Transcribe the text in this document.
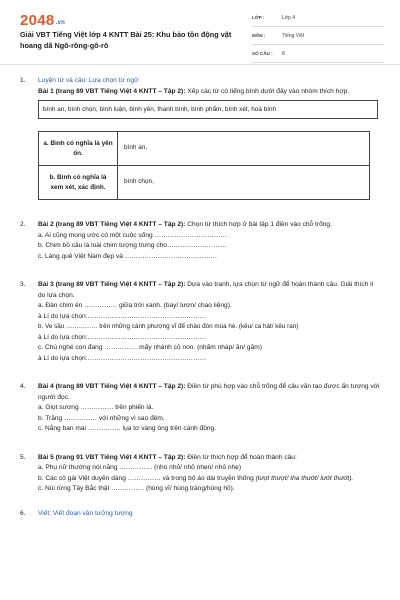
2048.vn
Giải VBT Tiếng Việt lớp 4 KNTT Bài 25: Khu bảo tồn động vật hoang dã Ngô-rông-gô-rô
LỚP :	Lớp 4
MÔN :	Tiếng Việt
SỐ CÂU : 8
1. Luyện từ và câu: Lựa chọn từ ngữ
Bài 1 (trang 89 VBT Tiếng Việt 4 KNTT – Tập 2): Xếp các từ có tiếng bình dưới đây vào nhóm thích hợp.
bình an, bình chọn, bình luận, bình yên, thanh bình, bình phẩm, bình xét, hoà bình
a. Bình có nghĩa là yên ổn.	bình an,
b. Bình có nghĩa là xem xét, xác định.	bình chọn,
2. Bài 2 (trang 89 VBT Tiếng Việt 4 KNTT – Tập 2): Chọn từ thích hợp ở bài tập 1 điền vào chỗ trống.
a. Ai cũng mong ước có một cuộc sống ……………………………
b. Chim bồ câu là loài chim tượng trưng cho………………………
c. Làng quê Việt Nam đẹp và ……………………………………
3. Bài 3 (trang 89 VBT Tiếng Việt 4 KNTT – Tập 2): Dựa vào tranh, lựa chọn từ ngữ để hoàn thành câu. Giải thích lí do lựa chọn.
a. Đàn chim én …………… giữa trời xanh. (bay/ lượn/ chao liệng).
à Lí do lựa chọn:………………………………………………
b. Ve sầu …………… trên những cành phượng vĩ để chào đón mùa hè. (kêu/ ca hát/ kêu ran)
à Lí do lựa chọn:………………………………………………
c. Chú nghé con đang …………… mấy nhánh cỏ non. (nhấm nháp/ ăn/ gặm)
à Lí do lựa chọn:………………………………………………
4. Bài 4 (trang 89 VBT Tiếng Việt 4 KNTT – Tập 2): Điền từ phù hợp vào chỗ trống để câu văn tạo được ấn tượng với người đọc.
a. Giọt sương …………… trên phiến lá.
b. Trăng …………… với những vì sao đêm.
c. Nắng ban mai …………… lụa tơ vàng óng trên cánh đồng.
5. Bài 5 (trang 91 VBT Tiếng Việt 4 KNTT – Tập 2): Điền từ thích hợp để hoàn thành câu:
a. Phụ nữ thường nói năng …………… (nho nhỏ/ nhỏ nhẹn/ nhỏ nhẹ)
b. Các cô gái Việt duyên dáng …………… và trong bộ áo dài truyền thống (lượt thượt/ tha thướt/ lướt thướt).
c. Núi rừng Tây Bắc thật …………… (hùng vĩ/ hùng tráng/hùng hồ).
6. Viết: Viết đoạn văn tưởng tượng
